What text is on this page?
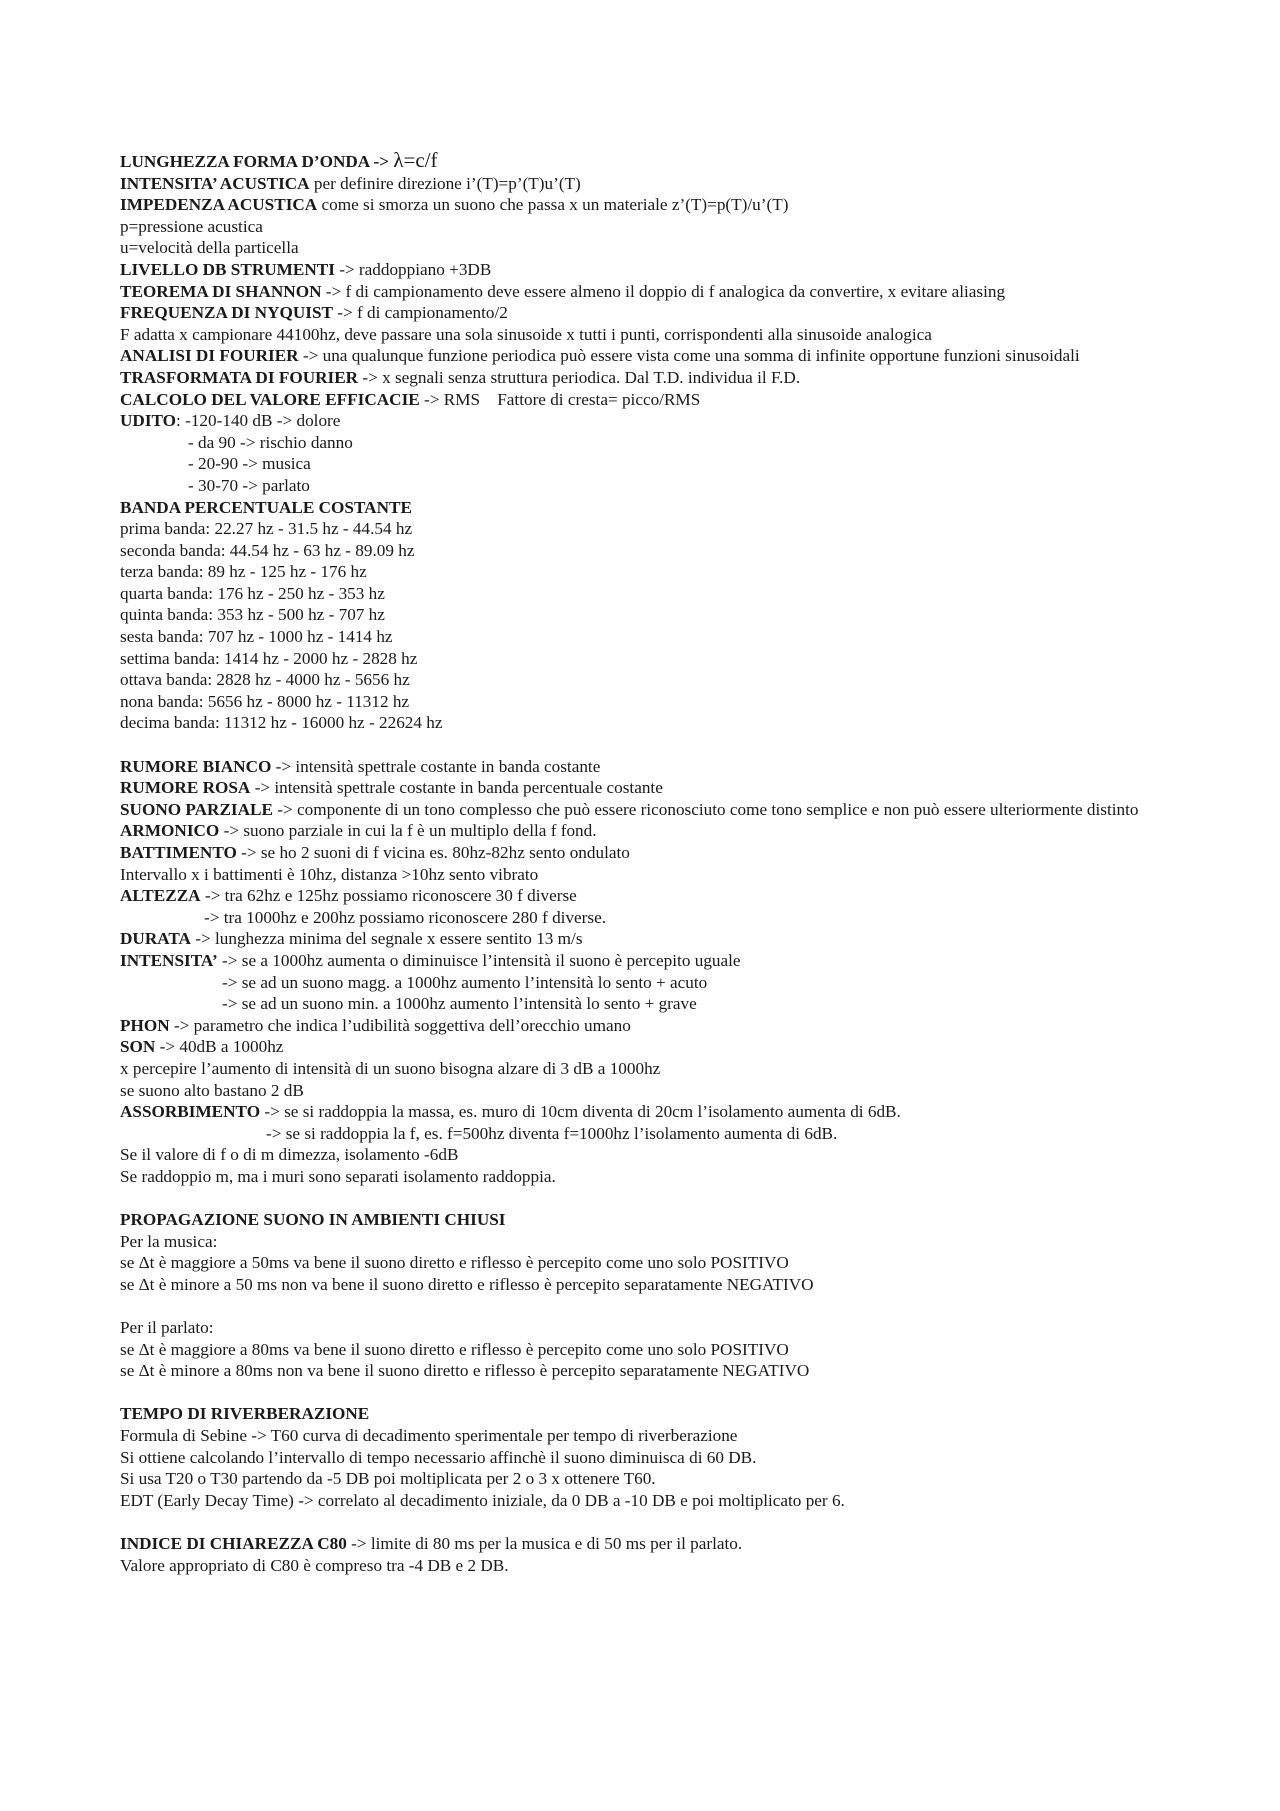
LUNGHEZZA FORMA D’ONDA -> λ=c/f
INTENSITA’ ACUSTICA per definire direzione i’(T)=p’(T)u’(T)
IMPEDENZA ACUSTICA come si smorza un suono che passa x un materiale z’(T)=p(T)/u’(T)
p=pressione acustica
u=velocità della particella
LIVELLO DB STRUMENTI -> raddoppiano +3DB
TEOREMA DI SHANNON -> f di campionamento deve essere almeno il doppio di f analogica da convertire, x evitare aliasing
FREQUENZA DI NYQUIST -> f di campionamento/2
F adatta x campionare 44100hz, deve passare una sola sinusoide x tutti i punti, corrispondenti alla sinusoide analogica
ANALISI DI FOURIER -> una qualunque funzione periodica può essere vista come una somma di infinite opportune funzioni sinusoidali
TRASFORMATA DI FOURIER -> x segnali senza struttura periodica. Dal T.D. individua il F.D.
CALCOLO DEL VALORE EFFICACIE -> RMS    Fattore di cresta= picco/RMS
UDITO: -120-140 dB -> dolore
- da 90 -> rischio danno
- 20-90 -> musica
- 30-70 -> parlato
BANDA PERCENTUALE COSTANTE
prima banda: 22.27 hz - 31.5 hz - 44.54 hz
seconda banda: 44.54 hz - 63 hz - 89.09 hz
terza banda: 89 hz - 125 hz - 176 hz
quarta banda: 176 hz - 250 hz - 353 hz
quinta banda: 353 hz - 500 hz - 707 hz
sesta banda: 707 hz - 1000 hz - 1414 hz
settima banda: 1414 hz - 2000 hz - 2828 hz
ottava banda: 2828 hz - 4000 hz - 5656 hz
nona banda: 5656 hz - 8000 hz - 11312 hz
decima banda: 11312 hz - 16000 hz - 22624 hz
RUMORE BIANCO -> intensità spettrale costante in banda costante
RUMORE ROSA -> intensità spettrale costante in banda percentuale costante
SUONO PARZIALE -> componente di un tono complesso che può essere riconosciuto come tono semplice e non può essere ulteriormente distinto
ARMONICO -> suono parziale in cui la f è un multiplo della f fond.
BATTIMENTO -> se ho 2 suoni di f vicina es. 80hz-82hz sento ondulato
Intervallo x i battimenti è 10hz, distanza >10hz sento vibrato
ALTEZZA -> tra 62hz e 125hz possiamo riconoscere 30 f diverse
-> tra 1000hz e 200hz possiamo riconoscere 280 f diverse.
DURATA -> lunghezza minima del segnale x essere sentito 13 m/s
INTENSITA’ -> se a 1000hz aumenta o diminuisce l’intensità il suono è percepito uguale
-> se ad un suono magg. a 1000hz aumento l’intensità lo sento + acuto
-> se ad un suono min. a 1000hz aumento l’intensità lo sento + grave
PHON -> parametro che indica l’udibilità soggettiva dell’orecchio umano
SON -> 40dB a 1000hz
x percepire l’aumento di intensità di un suono bisogna alzare di 3 dB a 1000hz
se suono alto bastano 2 dB
ASSORBIMENTO -> se si raddoppia la massa, es. muro di 10cm diventa di 20cm l’isolamento aumenta di 6dB.
-> se si raddoppia la f, es. f=500hz diventa f=1000hz l’isolamento aumenta di 6dB.
Se il valore di f o di m dimezza, isolamento -6dB
Se raddoppio m, ma i muri sono separati isolamento raddoppia.
PROPAGAZIONE SUONO IN AMBIENTI CHIUSI
Per la musica:
se Δt è maggiore a 50ms va bene il suono diretto e riflesso è percepito come uno solo POSITIVO
se Δt è minore a 50 ms non va bene il suono diretto e riflesso è percepito separatamente NEGATIVO
Per il parlato:
se Δt è maggiore a 80ms va bene il suono diretto e riflesso è percepito come uno solo POSITIVO
se Δt è minore a 80ms non va bene il suono diretto e riflesso è percepito separatamente NEGATIVO
TEMPO DI RIVERBERAZIONE
Formula di Sebine -> T60 curva di decadimento sperimentale per tempo di riverberazione
Si ottiene calcolando l’intervallo di tempo necessario affinchè il suono diminuisca di 60 DB.
Si usa T20 o T30 partendo da -5 DB poi moltiplicata per 2 o 3 x ottenere T60.
EDT (Early Decay Time) -> correlato al decadimento iniziale, da 0 DB a -10 DB e poi moltiplicato per 6.
INDICE DI CHIAREZZA C80 -> limite di 80 ms per la musica e di 50 ms per il parlato.
Valore appropriato di C80 è compreso tra -4 DB e 2 DB.
